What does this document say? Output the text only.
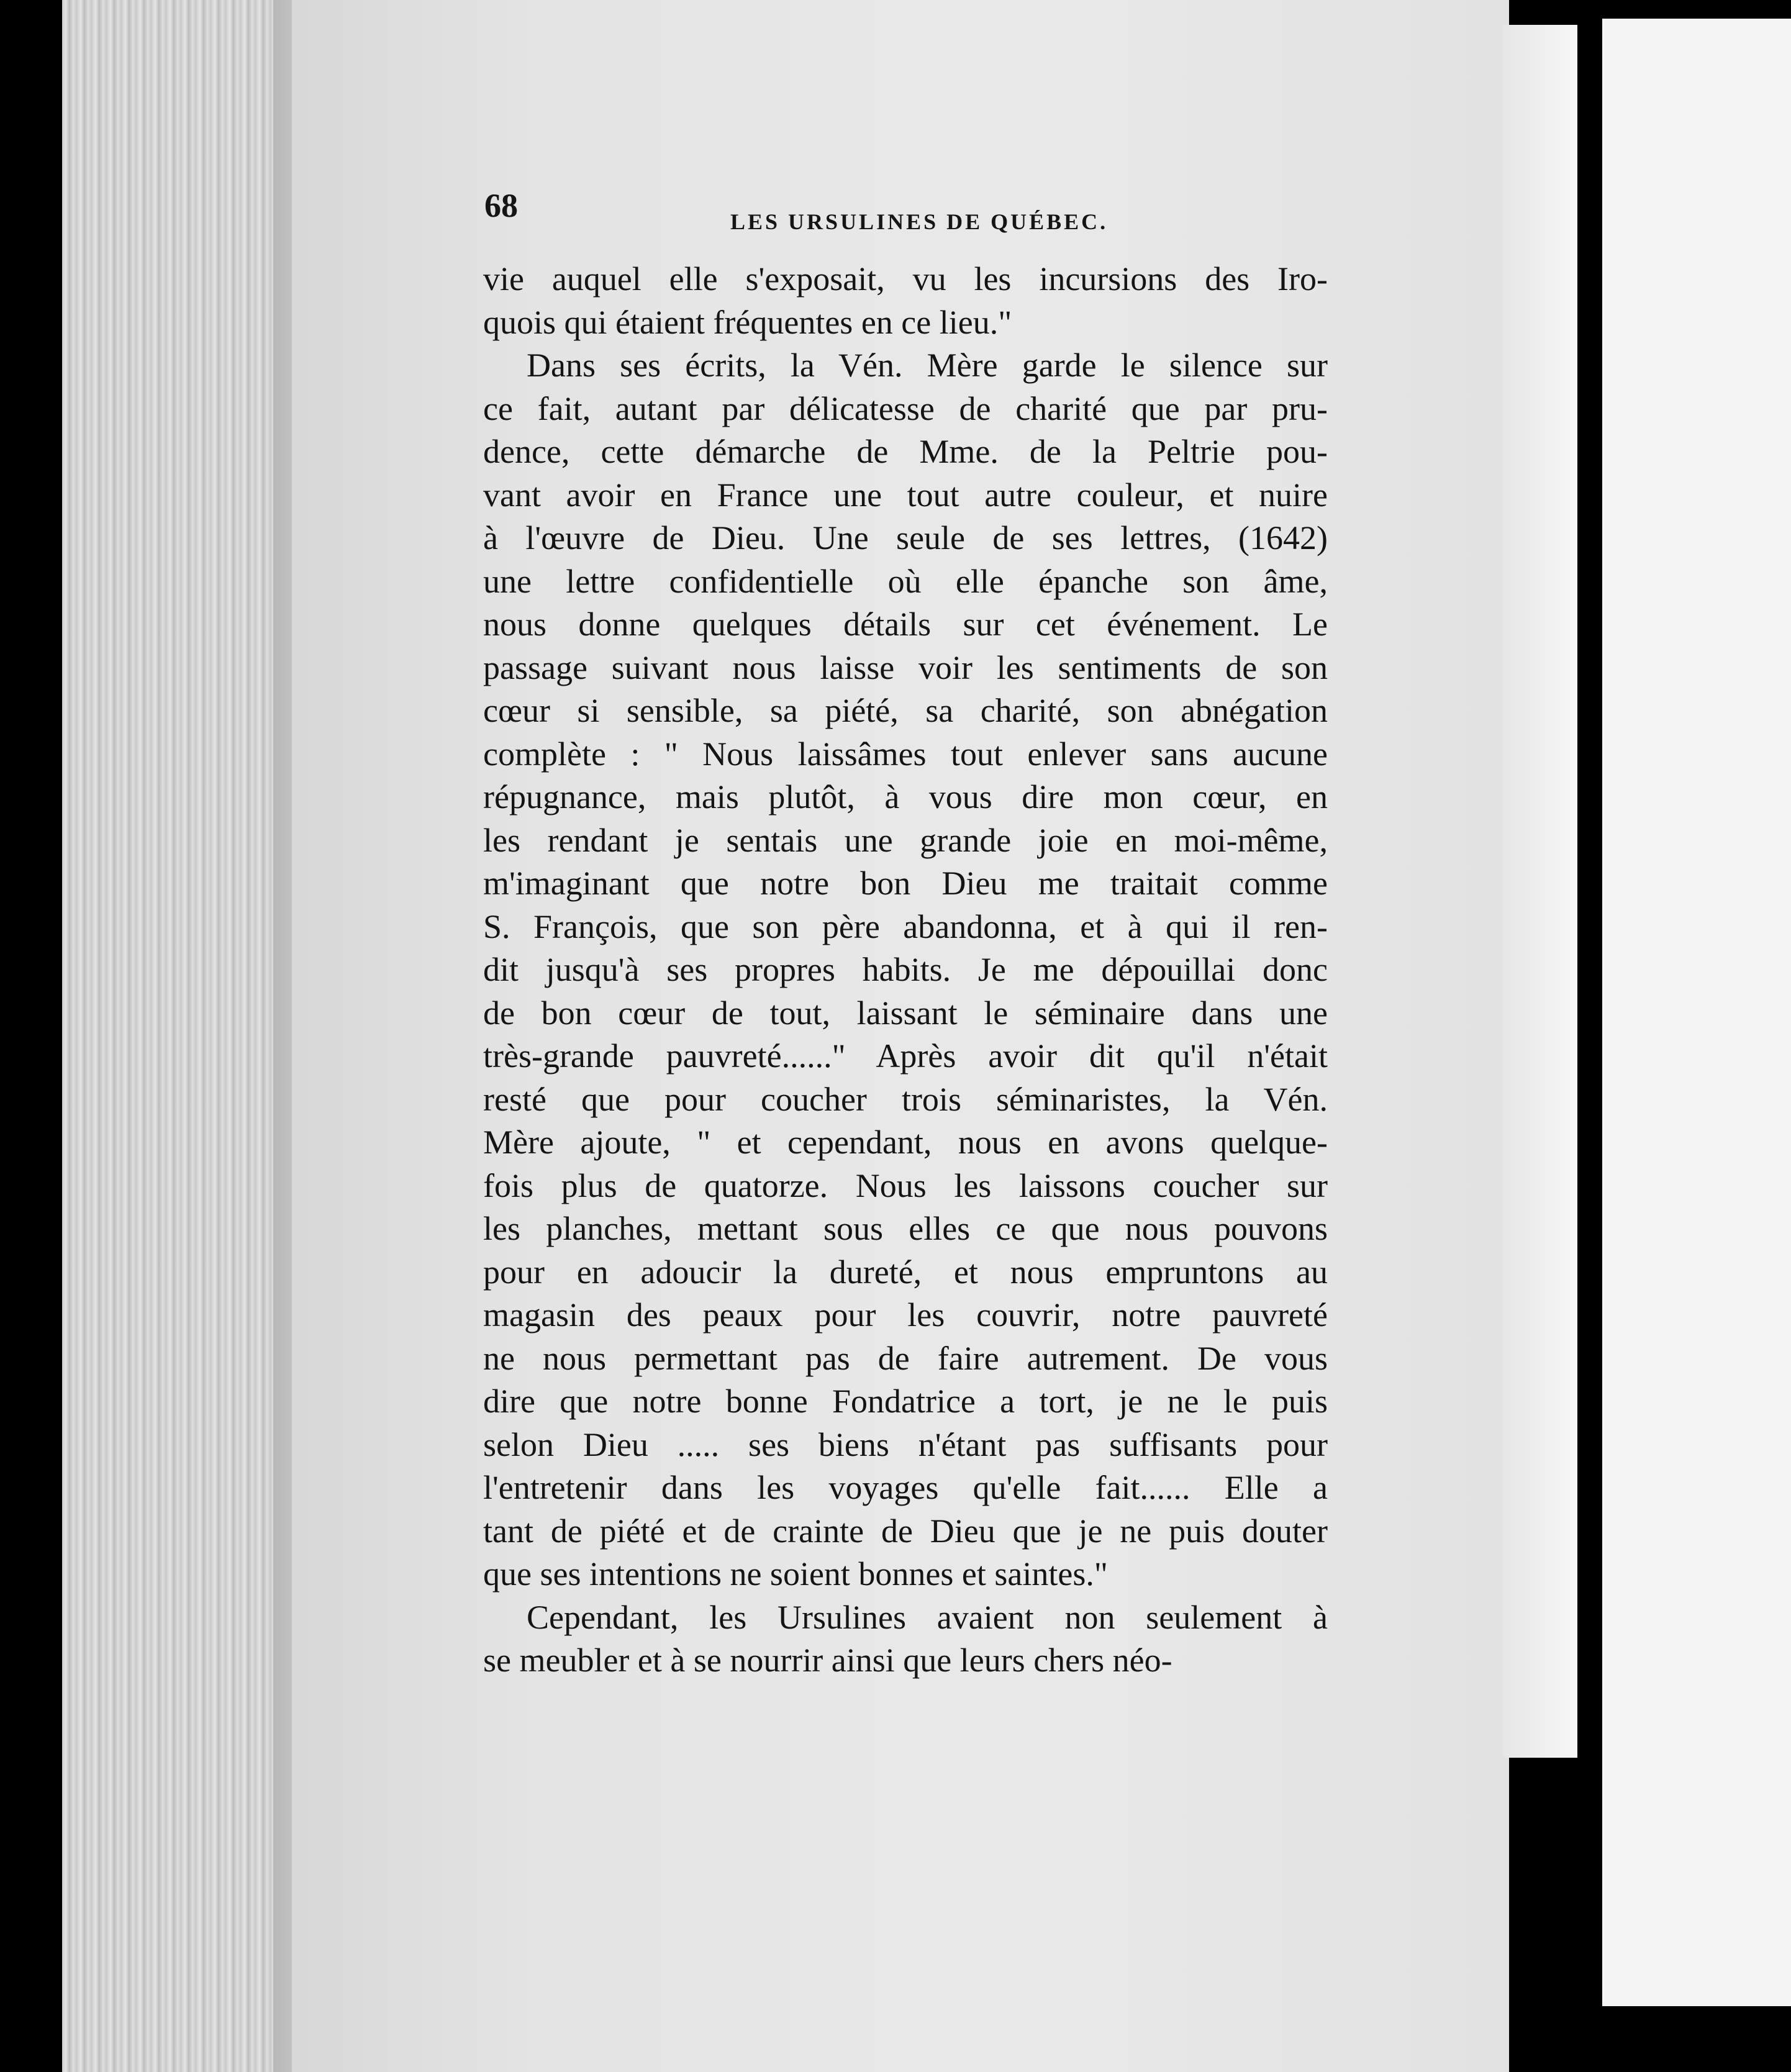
68	LES URSULINES DE QUÉBEC.

vie auquel elle s'exposait, vu les incursions des Iro-
quois qui étaient fréquentes en ce lieu."

Dans ses écrits, la Vén. Mère garde le silence sur
ce fait, autant par délicatesse de charité que par pru-
dence, cette démarche de Mme. de la Peltrie pou-
vant avoir en France une tout autre couleur, et nuire
à l'œuvre de Dieu. Une seule de ses lettres, (1642)
une lettre confidentielle où elle épanche son âme,
nous donne quelques détails sur cet événement. Le
passage suivant nous laisse voir les sentiments de son
cœur si sensible, sa piété, sa charité, son abnégation
complète : " Nous laissâmes tout enlever sans aucune
répugnance, mais plutôt, à vous dire mon cœur, en
les rendant je sentais une grande joie en moi-même,
m'imaginant que notre bon Dieu me traitait comme
S. François, que son père abandonna, et à qui il ren-
dit jusqu'à ses propres habits. Je me dépouillai donc
de bon cœur de tout, laissant le séminaire dans une
très-grande pauvreté......" Après avoir dit qu'il n'était
resté que pour coucher trois séminaristes, la Vén.
Mère ajoute, " et cependant, nous en avons quelque-
fois plus de quatorze. Nous les laissons coucher sur
les planches, mettant sous elles ce que nous pouvons
pour en adoucir la dureté, et nous empruntons au
magasin des peaux pour les couvrir, notre pauvreté
ne nous permettant pas de faire autrement. De vous
dire que notre bonne Fondatrice a tort, je ne le puis
selon Dieu ..... ses biens n'étant pas suffisants pour
l'entretenir dans les voyages qu'elle fait...... Elle a
tant de piété et de crainte de Dieu que je ne puis douter
que ses intentions ne soient bonnes et saintes."

Cependant, les Ursulines avaient non seulement à
se meubler et à se nourrir ainsi que leurs chers néo-
